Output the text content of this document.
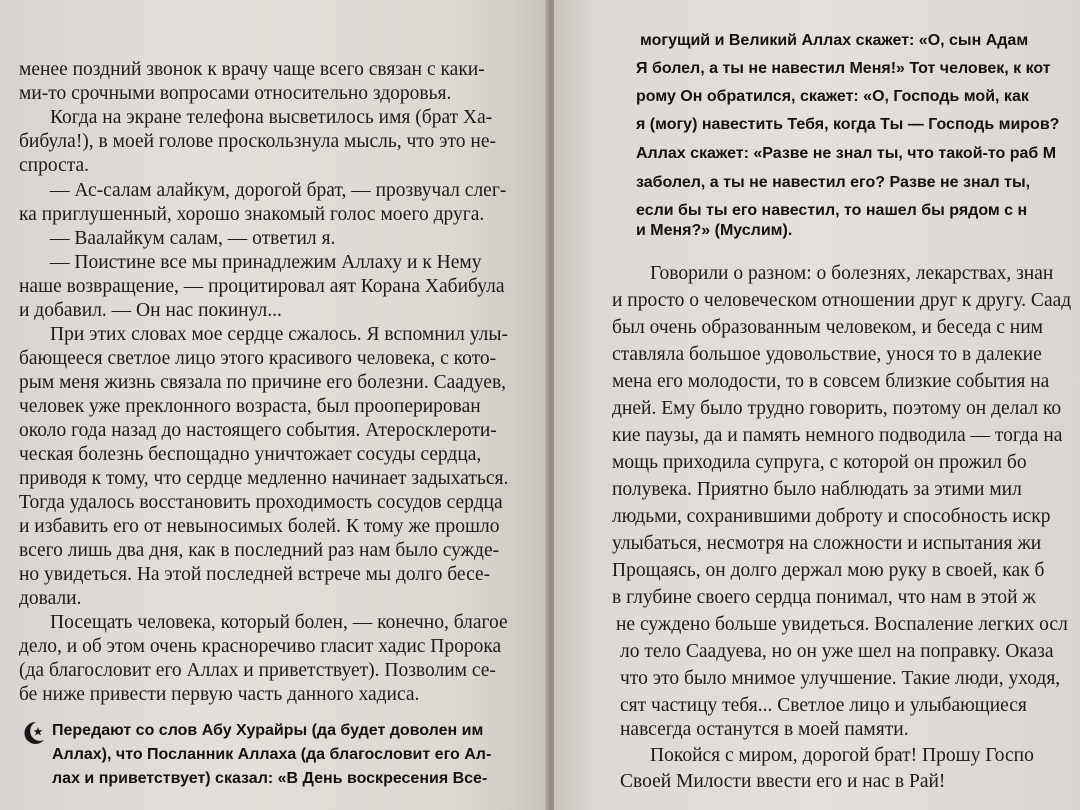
менее поздний звонок к врачу чаще всего связан с каки-
ми-то срочными вопросами относительно здоровья.
Когда на экране телефона высветилось имя (брат Ха-
бибула!), в моей голове проскользнула мысль, что это не-
спроста.
— Ас-салам алайкум, дорогой брат, — прозвучал слег-
ка приглушенный, хорошо знакомый голос моего друга.
— Ваалайкум салам, — ответил я.
— Поистине все мы принадлежим Аллаху и к Нему
наше возвращение, — процитировал аят Корана Хабибула
и добавил. — Он нас покинул...
При этих словах мое сердце сжалось. Я вспомнил улы-
бающееся светлое лицо этого красивого человека, с кото-
рым меня жизнь связала по причине его болезни. Саадуев,
человек уже преклонного возраста, был прооперирован
около года назад до настоящего события. Атеросклероти-
ческая болезнь беспощадно уничтожает сосуды сердца,
приводя к тому, что сердце медленно начинает задыхаться.
Тогда удалось восстановить проходимость сосудов сердца
и избавить его от невыносимых болей. К тому же прошло
всего лишь два дня, как в последний раз нам было сужде-
но увидеться. На этой последней встрече мы долго бесе-
довали.
Посещать человека, который болен, — конечно, благое
дело, и об этом очень красноречиво гласит хадис Пророка
(да благословит его Аллах и приветствует). Позволим се-
бе ниже привести первую часть данного хадиса.
Передают со слов Абу Хурайры (да будет доволен им
Аллах), что Посланник Аллаха (да благословит его Ал-
лах и приветствует) сказал: «В День воскресения Все-
могущий и Великий Аллах скажет: «О, сын Адам
Я болел, а ты не навестил Меня!» Тот человек, к кот
рому Он обратился, скажет: «О, Господь мой, как
я (могу) навестить Тебя, когда Ты — Господь миров?
Аллах скажет: «Разве не знал ты, что такой-то раб М
заболел, а ты не навестил его? Разве не знал ты,
если бы ты его навестил, то нашел бы рядом с н
и Меня?» (Муслим).
Говорили о разном: о болезнях, лекарствах, знан
и просто о человеческом отношении друг к другу. Саад
был очень образованным человеком, и беседа с ним
ставляла большое удовольствие, унося то в далекие
мена его молодости, то в совсем близкие события на
дней. Ему было трудно говорить, поэтому он делал ко
кие паузы, да и память немного подводила — тогда на
мощь приходила супруга, с которой он прожил бо
полувека. Приятно было наблюдать за этими мил
людьми, сохранившими доброту и способность искр
улыбаться, несмотря на сложности и испытания жи
Прощаясь, он долго держал мою руку в своей, как б
в глубине своего сердца понимал, что нам в этой ж
не суждено больше увидеться. Воспаление легких осл
ло тело Саадуева, но он уже шел на поправку. Оказа
что это было мнимое улучшение. Такие люди, уходя,
сят частицу тебя... Светлое лицо и улыбающиеся
навсегда останутся в моей памяти.
Покойся с миром, дорогой брат! Прошу Госпо
Своей Милости ввести его и нас в Рай!
